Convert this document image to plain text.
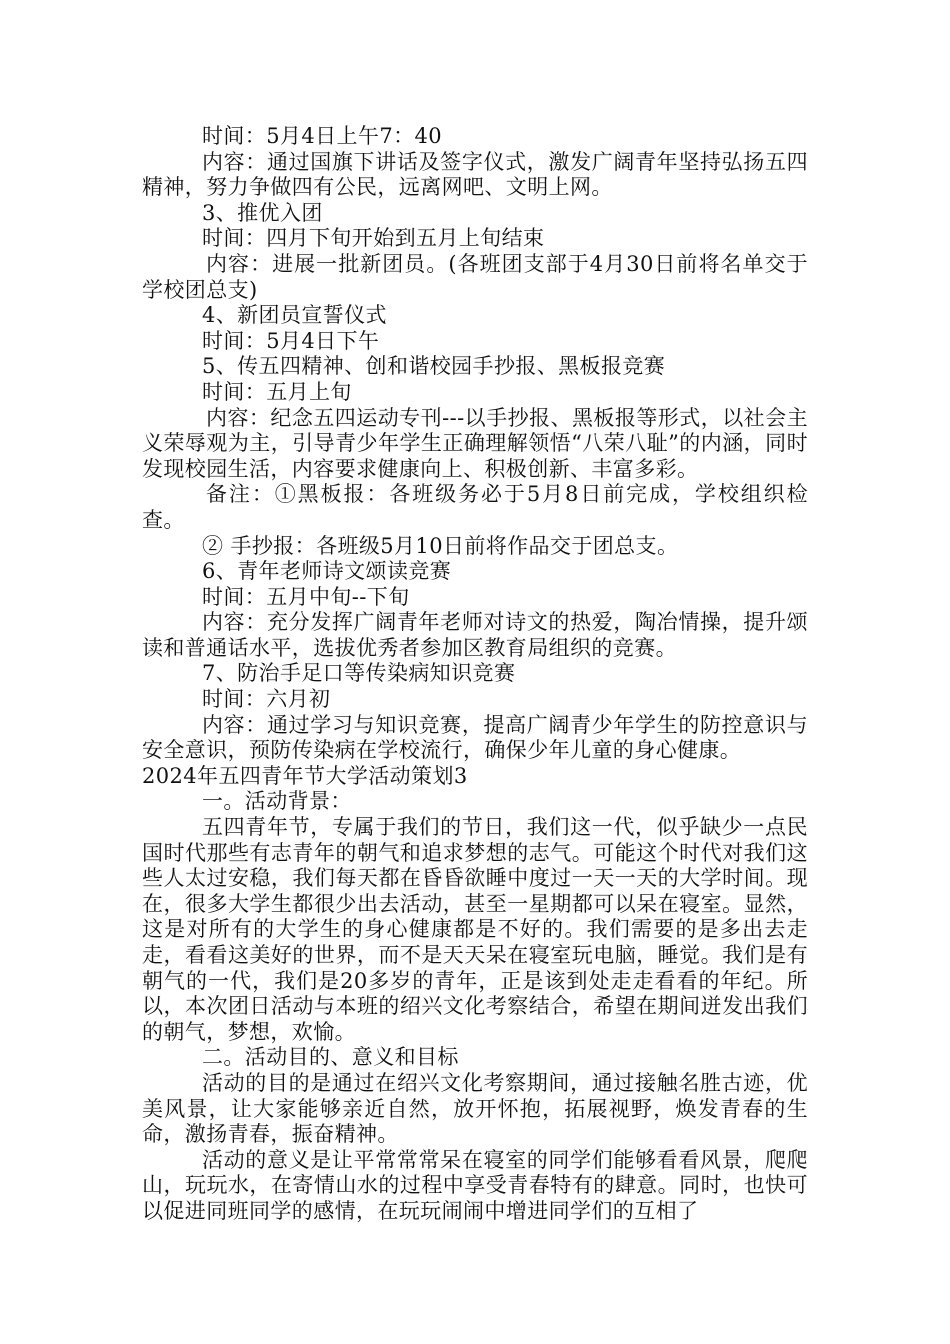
时间：5月4日上午7：40

内容：通过国旗下讲话及签字仪式，激发广阔青年坚持弘扬五四精神，努力争做四有公民，远离网吧、文明上网。

3、推优入团

时间：四月下旬开始到五月上旬结束

内容：进展一批新团员。(各班团支部于4月30日前将名单交于学校团总支)

4、新团员宣誓仪式

时间：5月4日下午

5、传五四精神、创和谐校园手抄报、黑板报竞赛

时间：五月上旬

内容：纪念五四运动专刊---以手抄报、黑板报等形式，以社会主义荣辱观为主，引导青少年学生正确理解领悟“八荣八耻”的内涵，同时发现校园生活，内容要求健康向上、积极创新、丰富多彩。

备注：①黑板报：各班级务必于5月8日前完成，学校组织检查。

② 手抄报：各班级5月10日前将作品交于团总支。

6、青年老师诗文颂读竞赛

时间：五月中旬--下旬

内容：充分发挥广阔青年老师对诗文的热爱，陶冶情操，提升颂读和普通话水平，选拔优秀者参加区教育局组织的竞赛。

7、防治手足口等传染病知识竞赛

时间：六月初

内容：通过学习与知识竞赛，提高广阔青少年学生的防控意识与安全意识，预防传染病在学校流行，确保少年儿童的身心健康。

2024年五四青年节大学活动策划3

一。活动背景：

五四青年节，专属于我们的节日，我们这一代，似乎缺少一点民国时代那些有志青年的朝气和追求梦想的志气。可能这个时代对我们这些人太过安稳，我们每天都在昏昏欲睡中度过一天一天的大学时间。现在，很多大学生都很少出去活动，甚至一星期都可以呆在寝室。显然，这是对所有的大学生的身心健康都是不好的。我们需要的是多出去走走，看看这美好的世界，而不是天天呆在寝室玩电脑，睡觉。我们是有朝气的一代，我们是20多岁的青年，正是该到处走走看看的年纪。所以，本次团日活动与本班的绍兴文化考察结合，希望在期间迸发出我们的朝气，梦想，欢愉。

二。活动目的、意义和目标

活动的目的是通过在绍兴文化考察期间，通过接触名胜古迹，优美风景，让大家能够亲近自然，放开怀抱，拓展视野，焕发青春的生命，激扬青春，振奋精神。

活动的意义是让平常常常呆在寝室的同学们能够看看风景，爬爬山，玩玩水，在寄情山水的过程中享受青春特有的肆意。同时，也快可以促进同班同学的感情，在玩玩闹闹中增进同学们的互相了
